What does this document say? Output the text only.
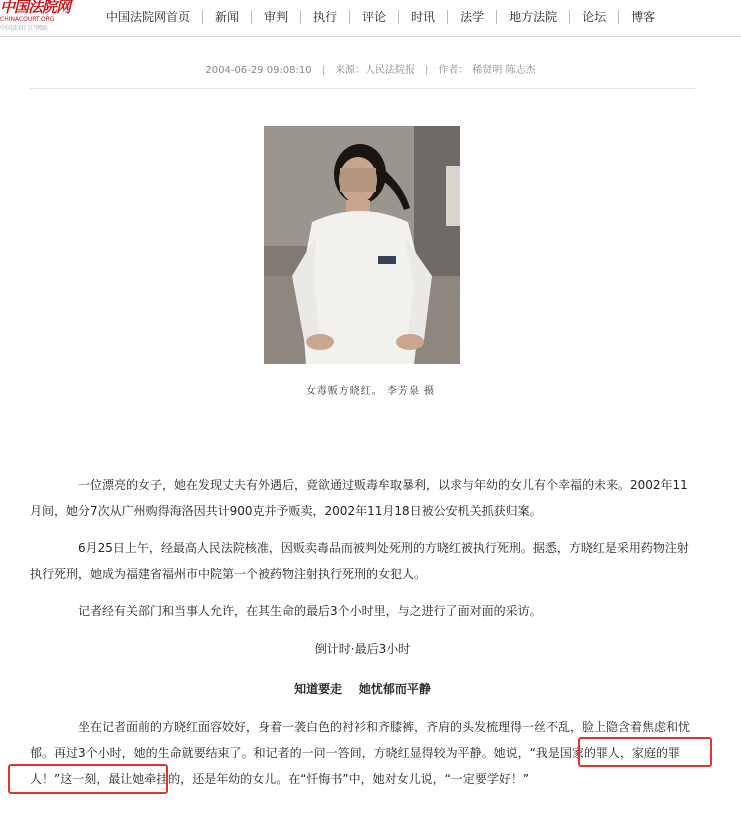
中国法院网
CHINACOURT.ORG
中国法官门户网站
中国法院网首页	新闻	审判	执行	评论	时讯	法学	地方法院	论坛	博客
2004-06-29 09:08:10 | 来源：人民法院报 | 作者： 稀贤明 陈志杰
女毒贩方晓红。 李芳泉 摄
一位漂亮的女子，她在发现丈夫有外遇后，竟欲通过贩毒牟取暴利，以求与年幼的女儿有个幸福的未来。2002年11月间，她分7次从广州购得海洛因共计900克并予贩卖，2002年11月18日被公安机关抓获归案。
6月25日上午，经最高人民法院核准，因贩卖毒品而被判处死刑的方晓红被执行死刑。据悉，方晓红是采用药物注射执行死刑，她成为福建省福州市中院第一个被药物注射执行死刑的女犯人。
记者经有关部门和当事人允许，在其生命的最后3个小时里，与之进行了面对面的采访。
倒计时·最后3小时
知道要走    她忧郁而平静
坐在记者面前的方晓红面容姣好，身着一袭白色的衬衫和齐膝裤，齐肩的头发梳理得一丝不乱，脸上隐含着焦虑和忧郁。再过3个小时，她的生命就要结束了。和记者的一问一答间，方晓红显得较为平静。她说，“我是国家的罪人，家庭的罪人！”这一刻，最让她牵挂的，还是年幼的女儿。在“忏悔书”中，她对女儿说，“一定要学好！”
